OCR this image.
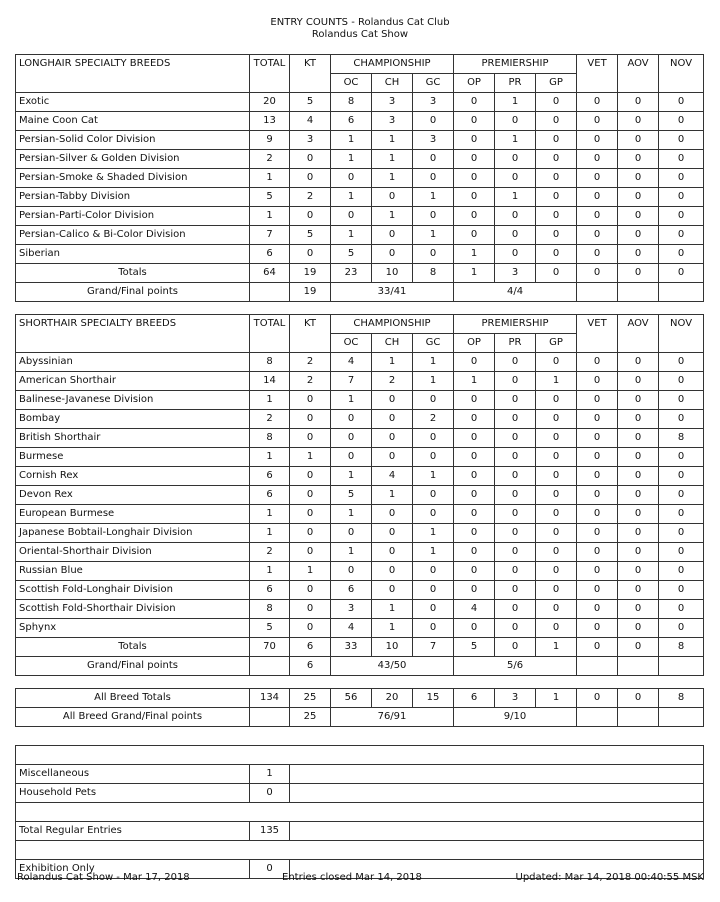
ENTRY COUNTS - Rolandus Cat Club
Rolandus Cat Show
LONGHAIR SPECIALTY BREEDS	TOTAL	KT	CHAMPIONSHIP			PREMIERSHIP			VET	AOV	NOV
			OC	CH	GC	OP	PR	GP			
Exotic	20	5	8	3	3	0	1	0	0	0	0
Maine Coon Cat	13	4	6	3	0	0	0	0	0	0	0
Persian-Solid Color Division	9	3	1	1	3	0	1	0	0	0	0
Persian-Silver & Golden Division	2	0	1	1	0	0	0	0	0	0	0
Persian-Smoke & Shaded Division	1	0	0	1	0	0	0	0	0	0	0
Persian-Tabby Division	5	2	1	0	1	0	1	0	0	0	0
Persian-Parti-Color Division	1	0	0	1	0	0	0	0	0	0	0
Persian-Calico & Bi-Color Division	7	5	1	0	1	0	0	0	0	0	0
Siberian	6	0	5	0	0	1	0	0	0	0	0
Totals	64	19	23	10	8	1	3	0	0	0	0
Grand/Final points		19	33/41			4/4					
SHORTHAIR SPECIALTY BREEDS	TOTAL	KT	CHAMPIONSHIP			PREMIERSHIP			VET	AOV	NOV
			OC	CH	GC	OP	PR	GP			
Abyssinian	8	2	4	1	1	0	0	0	0	0	0
American Shorthair	14	2	7	2	1	1	0	1	0	0	0
Balinese-Javanese Division	1	0	1	0	0	0	0	0	0	0	0
Bombay	2	0	0	0	2	0	0	0	0	0	0
British Shorthair	8	0	0	0	0	0	0	0	0	0	8
Burmese	1	1	0	0	0	0	0	0	0	0	0
Cornish Rex	6	0	1	4	1	0	0	0	0	0	0
Devon Rex	6	0	5	1	0	0	0	0	0	0	0
European Burmese	1	0	1	0	0	0	0	0	0	0	0
Japanese Bobtail-Longhair Division	1	0	0	0	1	0	0	0	0	0	0
Oriental-Shorthair Division	2	0	1	0	1	0	0	0	0	0	0
Russian Blue	1	1	0	0	0	0	0	0	0	0	0
Scottish Fold-Longhair Division	6	0	6	0	0	0	0	0	0	0	0
Scottish Fold-Shorthair Division	8	0	3	1	0	4	0	0	0	0	0
Sphynx	5	0	4	1	0	0	0	0	0	0	0
Totals	70	6	33	10	7	5	0	1	0	0	8
Grand/Final points		6	43/50			5/6					
All Breed Totals	134	25	56	20	15	6	3	1	0	0	8
All Breed Grand/Final points		25	76/91			9/10					

Miscellaneous	1	
Household Pets	0	

Total Regular Entries	135	

Exhibition Only	0	
Rolandus Cat Show - Mar 17, 2018	Entries closed Mar 14, 2018	Updated: Mar 14, 2018 00:40:55 MSK
